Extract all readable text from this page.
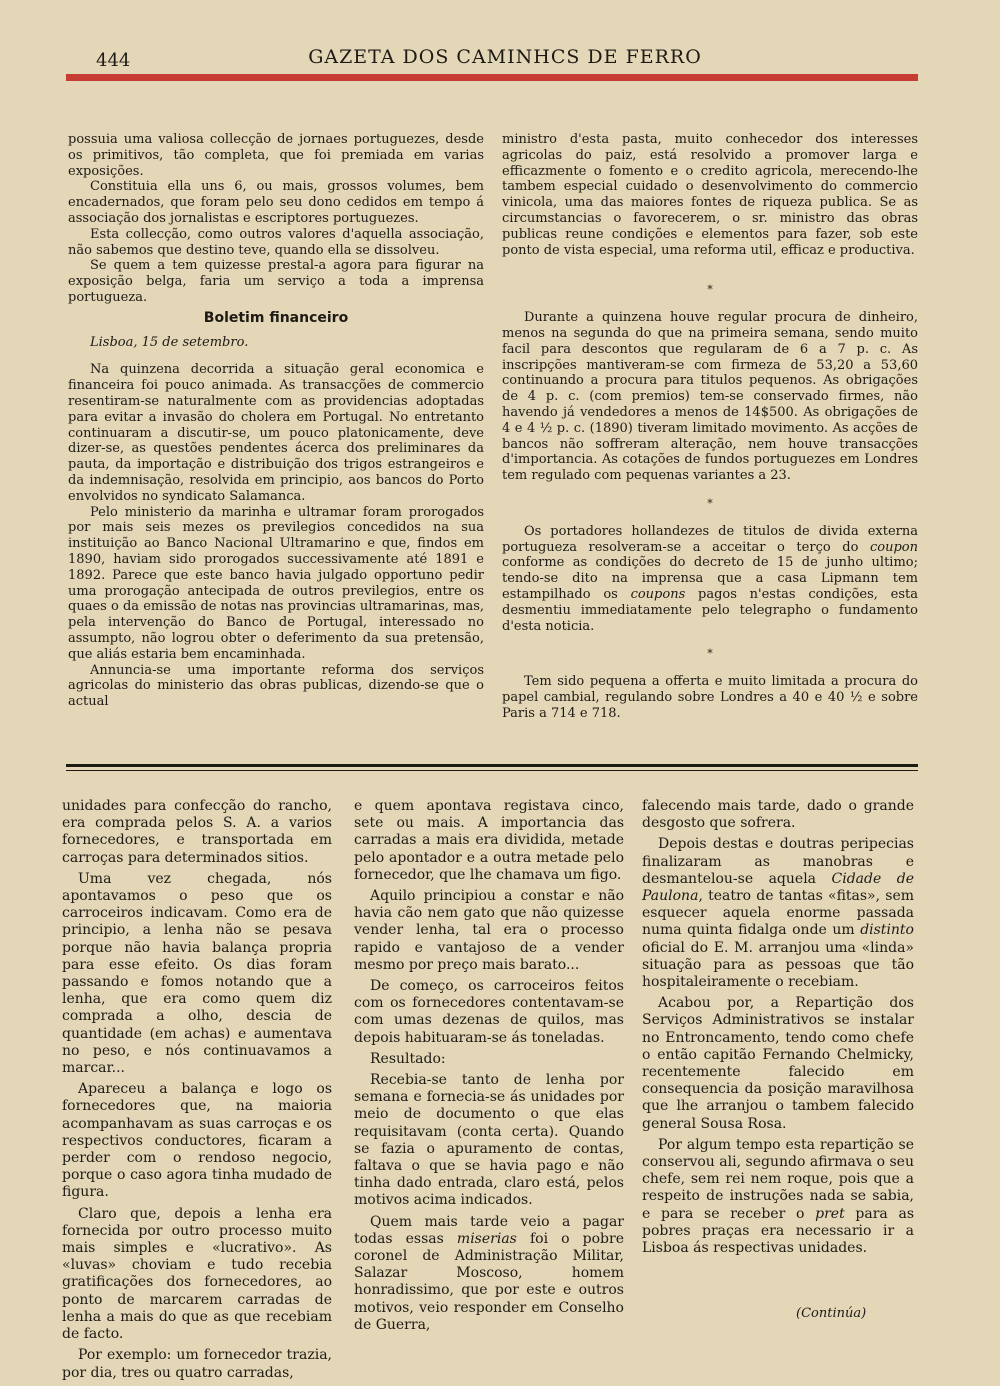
444	GAZETA DOS CAMINHCS DE FERRO

possuia uma valiosa collecção de jornaes portuguezes, desde os primitivos, tão completa, que foi premiada em varias exposições.

Constituia ella uns 6, ou mais, grossos volumes, bem encadernados, que foram pelo seu dono cedidos em tempo á associação dos jornalistas e escriptores portuguezes.

Esta collecção, como outros valores d'aquella associação, não sabemos que destino teve, quando ella se dissolveu.

Se quem a tem quizesse prestal-a agora para figurar na exposição belga, faria um serviço a toda a imprensa portugueza.

Boletim financeiro

Lisboa, 15 de setembro.

Na quinzena decorrida a situação geral economica e financeira foi pouco animada. As transacções de commercio resentiram-se naturalmente com as providencias adoptadas para evitar a invasão do cholera em Portugal. No entretanto continuaram a discutir-se, um pouco platonicamente, deve dizer-se, as questões pendentes ácerca dos preliminares da pauta, da importação e distribuição dos trigos estrangeiros e da indemnisação, resolvida em principio, aos bancos do Porto envolvidos no syndicato Salamanca.

Pelo ministerio da marinha e ultramar foram prorogados por mais seis mezes os previlegios concedidos na sua instituição ao Banco Nacional Ultramarino e que, findos em 1890, haviam sido prorogados successivamente até 1891 e 1892. Parece que este banco havia julgado opportuno pedir uma prorogação antecipada de outros previlegios, entre os quaes o da emissão de notas nas provincias ultramarinas, mas, pela intervenção do Banco de Portugal, interessado no assumpto, não logrou obter o deferimento da sua pretensão, que aliás estaria bem encaminhada.

Annuncia-se uma importante reforma dos serviços agricolas do ministerio das obras publicas, dizendo-se que o actual

ministro d'esta pasta, muito conhecedor dos interesses agricolas do paiz, está resolvido a promover larga e efficazmente o fomento e o credito agricola, merecendo-lhe tambem especial cuidado o desenvolvimento do commercio vinicola, uma das maiores fontes de riqueza publica. Se as circumstancias o favorecerem, o sr. ministro das obras publicas reune condições e elementos para fazer, sob este ponto de vista especial, uma reforma util, efficaz e productiva.

*

Durante a quinzena houve regular procura de dinheiro, menos na segunda do que na primeira semana, sendo muito facil para descontos que regularam de 6 a 7 p. c. As inscripções mantiveram-se com firmeza de 53,20 a 53,60 continuando a procura para titulos pequenos. As obrigações de 4 p. c. (com premios) tem-se conservado firmes, não havendo já vendedores a menos de 14$500. As obrigações de 4 e 4 ½ p. c. (1890) tiveram limitado movimento. As acções de bancos não soffreram alteração, nem houve transacções d'importancia. As cotações de fundos portuguezes em Londres tem regulado com pequenas variantes a 23.

*

Os portadores hollandezes de titulos de divida externa portugueza resolveram-se a acceitar o terço do coupon conforme as condições do decreto de 15 de junho ultimo; tendo-se dito na imprensa que a casa Lipmann tem estampilhado os coupons pagos n'estas condições, esta desmentiu immediatamente pelo telegrapho o fundamento d'esta noticia.

*

Tem sido pequena a offerta e muito limitada a procura do papel cambial, regulando sobre Londres a 40 e 40 ½ e sobre Paris a 714 e 718.

unidades para confecção do rancho, era comprada pelos S. A. a varios fornecedores, e transportada em carroças para determinados sitios.

Uma vez chegada, nós apontavamos o peso que os carroceiros indicavam. Como era de principio, a lenha não se pesava porque não havia balança propria para esse efeito. Os dias foram passando e fomos notando que a lenha, que era como quem diz comprada a olho, descia de quantidade (em achas) e aumentava no peso, e nós continuavamos a marcar...

Apareceu a balança e logo os fornecedores que, na maioria acompanhavam as suas carroças e os respectivos conductores, ficaram a perder com o rendoso negocio, porque o caso agora tinha mudado de figura.

Claro que, depois a lenha era fornecida por outro processo muito mais simples e «lucrativo». As «luvas» choviam e tudo recebia gratificações dos fornecedores, ao ponto de marcarem carradas de lenha a mais do que as que recebiam de facto.

Por exemplo: um fornecedor trazia, por dia, tres ou quatro carradas,

e quem apontava registava cinco, sete ou mais. A importancia das carradas a mais era dividida, metade pelo apontador e a outra metade pelo fornecedor, que lhe chamava um figo.

Aquilo principiou a constar e não havia cão nem gato que não quizesse vender lenha, tal era o processo rapido e vantajoso de a vender mesmo por preço mais barato...

De começo, os carroceiros feitos com os fornecedores contentavam-se com umas dezenas de quilos, mas depois habituaram-se ás toneladas.

Resultado:

Recebia-se tanto de lenha por semana e fornecia-se ás unidades por meio de documento o que elas requisitavam (conta certa). Quando se fazia o apuramento de contas, faltava o que se havia pago e não tinha dado entrada, claro está, pelos motivos acima indicados.

Quem mais tarde veio a pagar todas essas miserias foi o pobre coronel de Administração Militar, Salazar Moscoso, homem honradissimo, que por este e outros motivos, veio responder em Conselho de Guerra,

falecendo mais tarde, dado o grande desgosto que sofrera.

Depois destas e doutras peripecias finalizaram as manobras e desmantelou-se aquela Cidade de Paulona, teatro de tantas «fitas», sem esquecer aquela enorme passada numa quinta fidalga onde um distinto oficial do E. M. arranjou uma «linda» situação para as pessoas que tão hospitaleiramente o recebiam.

Acabou por, a Repartição dos Serviços Administrativos se instalar no Entroncamento, tendo como chefe o então capitão Fernando Chelmicky, recentemente falecido em consequencia da posição maravilhosa que lhe arranjou o tambem falecido general Sousa Rosa.

Por algum tempo esta repartição se conservou ali, segundo afirmava o seu chefe, sem rei nem roque, pois que a respeito de instruções nada se sabia, e para se receber o pret para as pobres praças era necessario ir a Lisboa ás respectivas unidades.

(Continúa)
